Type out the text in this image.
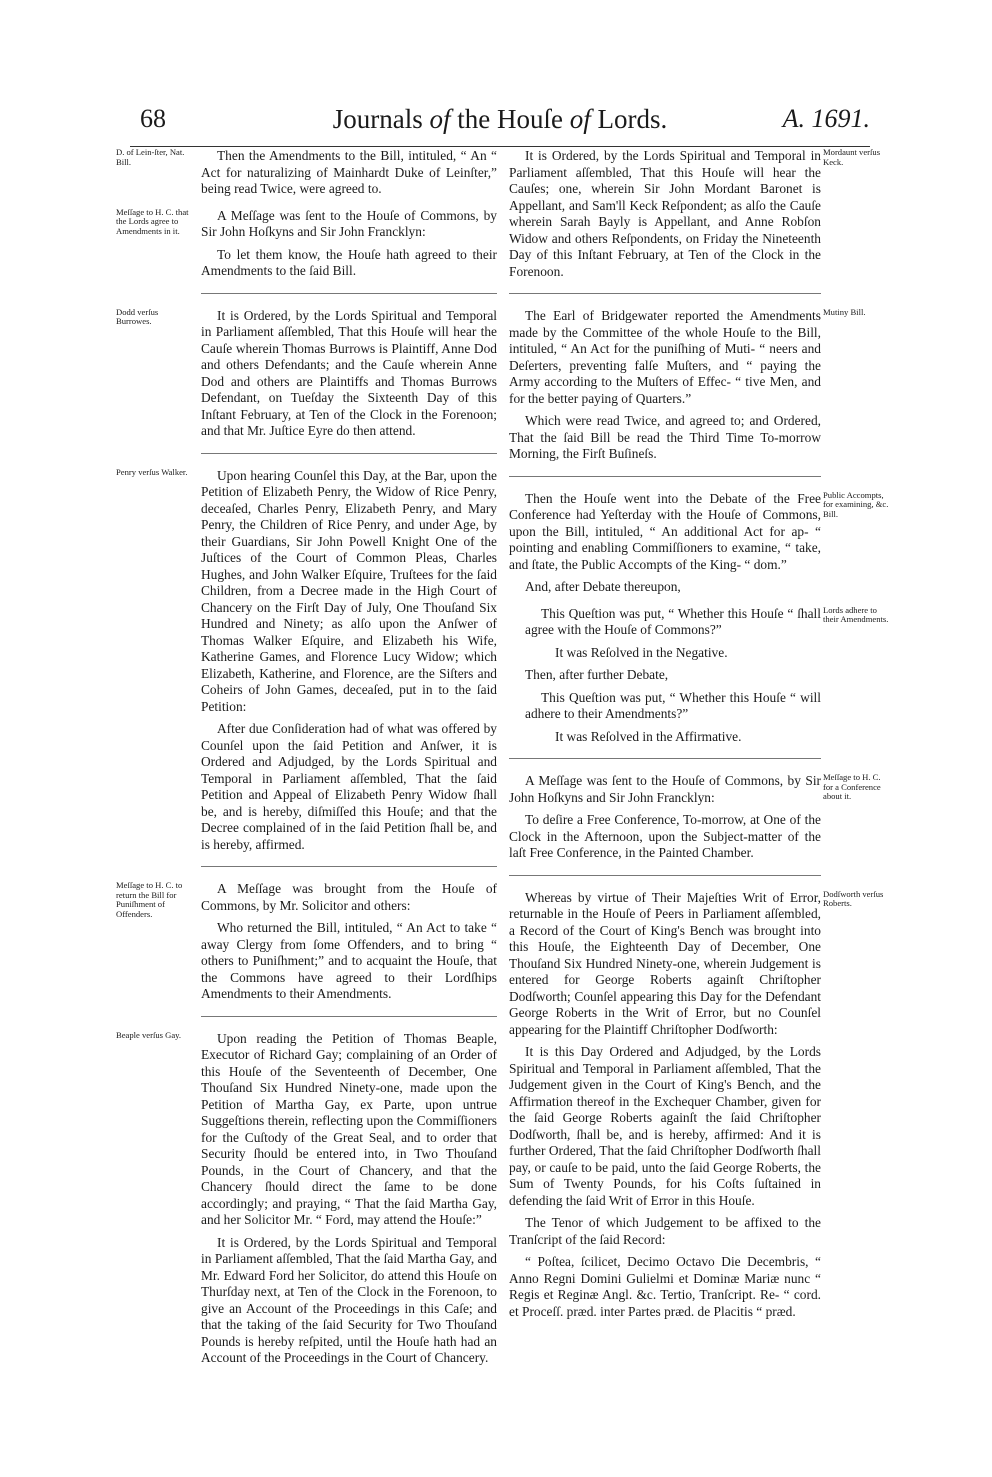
68	Journals of the Houſe of Lords.	A. 1691.
D. of Lein-ſter, Nat. Bill.	Then the Amendments to the Bill, intituled, “ An “ Act for naturalizing of Mainhardt Duke of Leinſter,” being read Twice, were agreed to.

Meſſage to H. C. that the Lords agree to Amendments in it.

A Meſſage was ſent to the Houſe of Commons, by Sir John Hoſkyns and Sir John Francklyn:

To let them know, the Houſe hath agreed to their Amendments to the ſaid Bill.

Dodd verſus Burrowes.	It is Ordered, by the Lords Spiritual and Temporal in Parliament aſſembled, That this Houſe will hear the Cauſe wherein Thomas Burrows is Plaintiff, Anne Dod and others Defendants; and the Cauſe wherein Anne Dod and others are Plaintiffs and Thomas Burrows Defendant, on Tueſday the Sixteenth Day of this Inſtant February, at Ten of the Clock in the Forenoon; and that Mr. Juſtice Eyre do then attend.

Penry verſus Walker.	Upon hearing Counſel this Day, at the Bar, upon the Petition of Elizabeth Penry, the Widow of Rice Penry, deceaſed, Charles Penry, Elizabeth Penry, and Mary Penry, the Children of Rice Penry, and under Age, by their Guardians, Sir John Powell Knight One of the Juſtices of the Court of Common Pleas, Charles Hughes, and John Walker Eſquire, Truſtees for the ſaid Children, from a Decree made in the High Court of Chancery on the Firſt Day of July, One Thouſand Six Hundred and Ninety; as alſo upon the Anſwer of Thomas Walker Eſquire, and Elizabeth his Wife, Katherine Games, and Florence Lucy Widow; which Elizabeth, Katherine, and Florence, are the Siſters and Coheirs of John Games, deceaſed, put in to the ſaid Petition:

After due Conſideration had of what was offered by Counſel upon the ſaid Petition and Anſwer, it is Ordered and Adjudged, by the Lords Spiritual and Temporal in Parliament aſſembled, That the ſaid Petition and Appeal of Elizabeth Penry Widow ſhall be, and is hereby, diſmiſſed this Houſe; and that the Decree complained of in the ſaid Petition ſhall be, and is hereby, affirmed.

Meſſage to H. C. to return the Bill for Puniſhment of Offenders.

A Meſſage was brought from the Houſe of Commons, by Mr. Solicitor and others:

Who returned the Bill, intituled, “ An Act to take “ away Clergy from ſome Offenders, and to bring “ others to Puniſhment;” and to acquaint the Houſe, that the Commons have agreed to their Lordſhips Amendments to their Amendments.

Beaple verſus Gay.	Upon reading the Petition of Thomas Beaple, Executor of Richard Gay; complaining of an Order of this Houſe of the Seventeenth of December, One Thouſand Six Hundred Ninety-one, made upon the Petition of Martha Gay, ex Parte, upon untrue Suggeſtions therein, reflecting upon the Commiſſioners for the Cuſtody of the Great Seal, and to order that Security ſhould be entered into, in Two Thouſand Pounds, in the Court of Chancery, and that the Chancery ſhould direct the ſame to be done accordingly; and praying, “ That the ſaid Martha Gay, and her Solicitor Mr. “ Ford, may attend the Houſe:”

It is Ordered, by the Lords Spiritual and Temporal in Parliament aſſembled, That the ſaid Martha Gay, and Mr. Edward Ford her Solicitor, do attend this Houſe on Thurſday next, at Ten of the Clock in the Forenoon, to give an Account of the Proceedings in this Caſe; and that the taking of the ſaid Security for Two Thouſand Pounds is hereby reſpited, until the Houſe hath had an Account of the Proceedings in the Court of Chancery.

Mordaunt verſus Keck.

It is Ordered, by the Lords Spiritual and Temporal in Parliament aſſembled, That this Houſe will hear the Cauſes; one, wherein Sir John Mordant Baronet is Appellant, and Sam'll Keck Reſpondent; as alſo the Cauſe wherein Sarah Bayly is Appellant, and Anne Robſon Widow and others Reſpondents, on Friday the Nineteenth Day of this Inſtant February, at Ten of the Clock in the Forenoon.

Mutiny Bill.

The Earl of Bridgewater reported the Amendments made by the Committee of the whole Houſe to the Bill, intituled, “ An Act for the puniſhing of Muti- “ neers and Deſerters, preventing falſe Muſters, and “ paying the Army according to the Muſters of Effec- “ tive Men, and for the better paying of Quarters.”

Which were read Twice, and agreed to; and Ordered, That the ſaid Bill be read the Third Time To-morrow Morning, the Firſt Buſineſs.

Public Accompts, for examining, &c. Bill.

Then the Houſe went into the Debate of the Free Conference had Yeſterday with the Houſe of Commons, upon the Bill, intituled, “ An additional Act for ap- “ pointing and enabling Commiſſioners to examine, “ take, and ſtate, the Public Accompts of the King- “ dom.”

And, after Debate thereupon,

Lords adhere to their Amendments.

This Queſtion was put, “ Whether this Houſe “ ſhall agree with the Houſe of Commons?”

It was Reſolved in the Negative.

Then, after further Debate,

This Queſtion was put, “ Whether this Houſe “ will adhere to their Amendments?”

It was Reſolved in the Affirmative.

Meſſage to H. C. for a Conference about it.

A Meſſage was ſent to the Houſe of Commons, by Sir John Hoſkyns and Sir John Francklyn:

To deſire a Free Conference, To-morrow, at One of the Clock in the Afternoon, upon the Subject-matter of the laſt Free Conference, in the Painted Chamber.

Dodſworth verſus Roberts.

Whereas by virtue of Their Majeſties Writ of Error, returnable in the Houſe of Peers in Parliament aſſembled, a Record of the Court of King's Bench was brought into this Houſe, the Eighteenth Day of December, One Thouſand Six Hundred Ninety-one, wherein Judgement is entered for George Roberts againſt Chriſtopher Dodſworth; Counſel appearing this Day for the Defendant George Roberts in the Writ of Error, but no Counſel appearing for the Plaintiff Chriſtopher Dodſworth:

It is this Day Ordered and Adjudged, by the Lords Spiritual and Temporal in Parliament aſſembled, That the Judgement given in the Court of King's Bench, and the Affirmation thereof in the Exchequer Chamber, given for the ſaid George Roberts againſt the ſaid Chriſtopher Dodſworth, ſhall be, and is hereby, affirmed: And it is further Ordered, That the ſaid Chriſtopher Dodſworth ſhall pay, or cauſe to be paid, unto the ſaid George Roberts, the Sum of Twenty Pounds, for his Coſts ſuſtained in defending the ſaid Writ of Error in this Houſe.

The Tenor of which Judgement to be affixed to the Tranſcript of the ſaid Record:

“ Poſtea, ſcilicet, Decimo Octavo Die Decembris, “ Anno Regni Domini Gulielmi et Dominæ Mariæ nunc “ Regis et Reginæ Angl. &c. Tertio, Tranſcript. Re- “ cord. et Proceſſ. præd. inter Partes præd. de Placitis “ præd.
